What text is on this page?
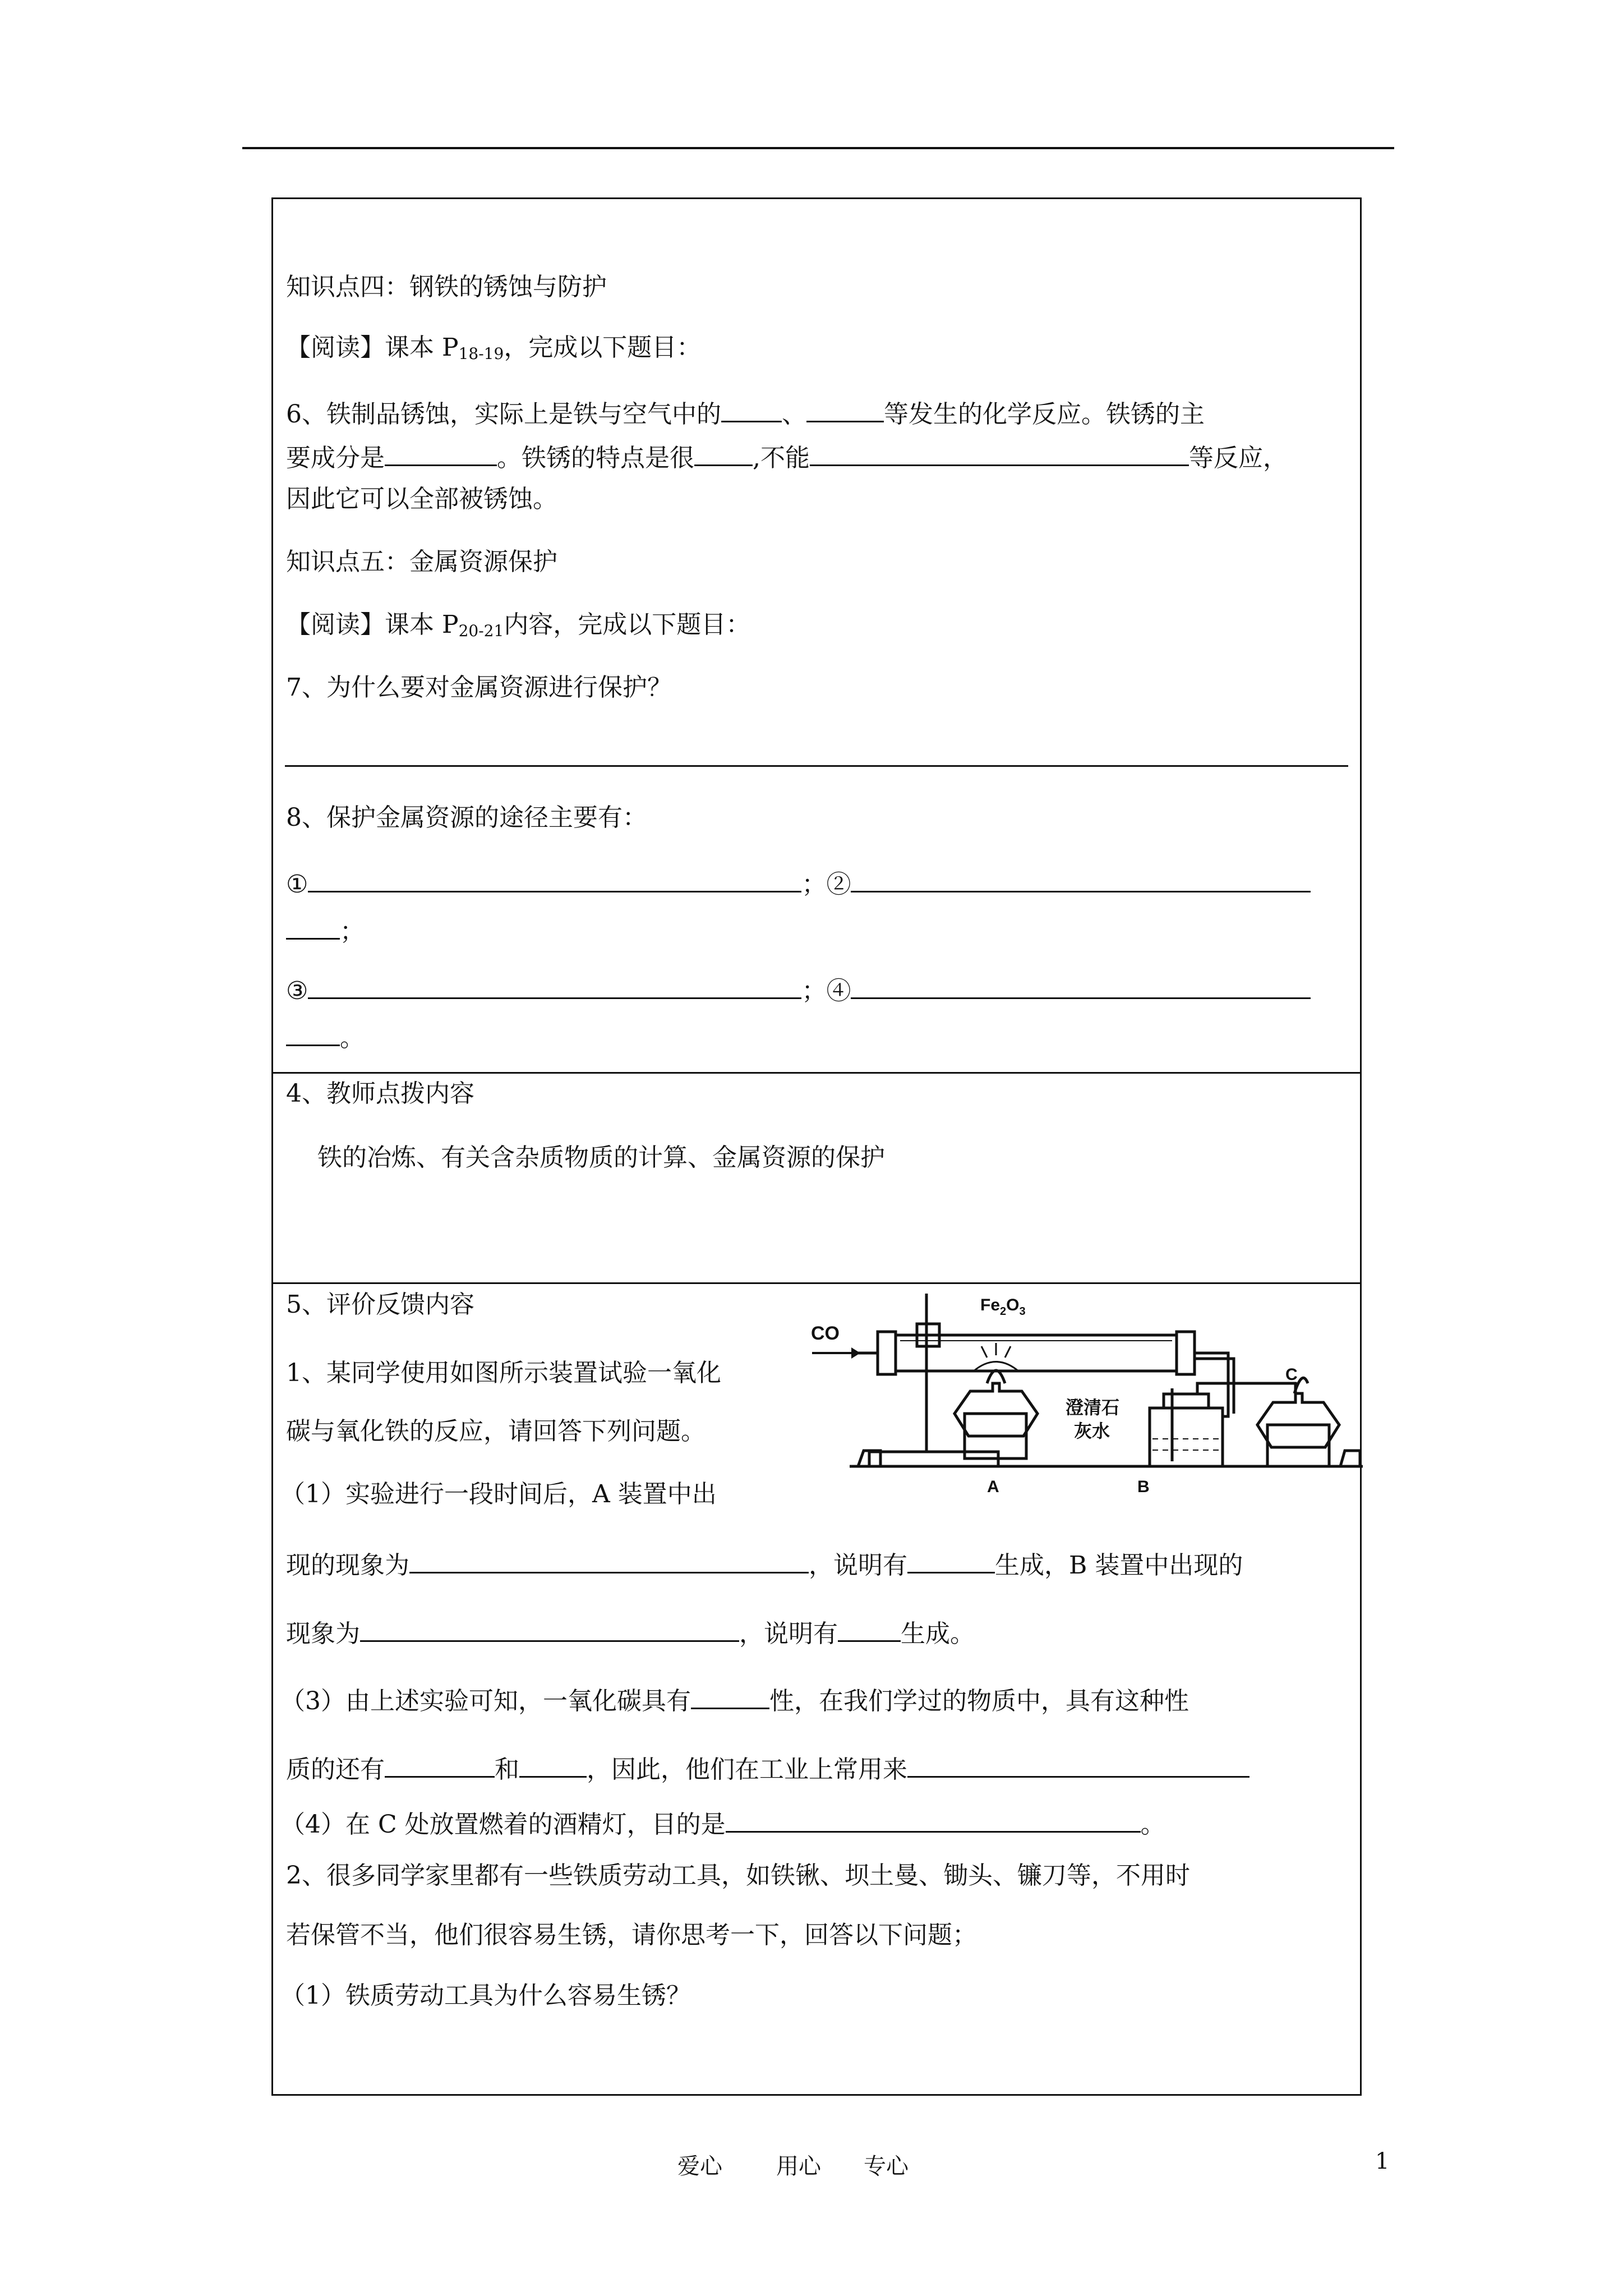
知识点四：钢铁的锈蚀与防护
【阅读】课本 $P_{18-19}$，完成以下题目：
6、铁制品锈蚀，实际上是铁与空气中的 、	等发生的化学反应。铁锈的主
要成分是	。铁锈的特点是很 ,不能	等反应，
因此它可以全部被锈蚀。
知识点五：金属资源保护
【阅读】课本 $P_{20-21}$内容，完成以下题目：
7、为什么要对金属资源进行保护？
8、保护金属资源的途径主要有：
①	；②
；
③	；④
。
4、教师点拨内容
铁的冶炼、有关含杂质物质的计算、金属资源的保护
5、评价反馈内容
CO
$Fe_2O_3$
澄清石
灰水
A	B
C
1、某同学使用如图所示装置试验一氧化
碳与氧化铁的反应，请回答下列问题。
（1）实验进行一段时间后，A 装置中出
现的现象为	，说明有	生成，B 装置中出现的
现象为	，说明有	生成。
（3）由上述实验可知，一氧化碳具有	性，在我们学过的物质中，具有这种性
质的还有	和	，因此，他们在工业上常用来
（4）在 C 处放置燃着的酒精灯，目的是	。
2、很多同学家里都有一些铁质劳动工具，如铁锹、坝土曼、锄头、镰刀等，不用时
若保管不当，他们很容易生锈，请你思考一下，回答以下问题；
（1）铁质劳动工具为什么容易生锈？
爱心 用心 专心	1
